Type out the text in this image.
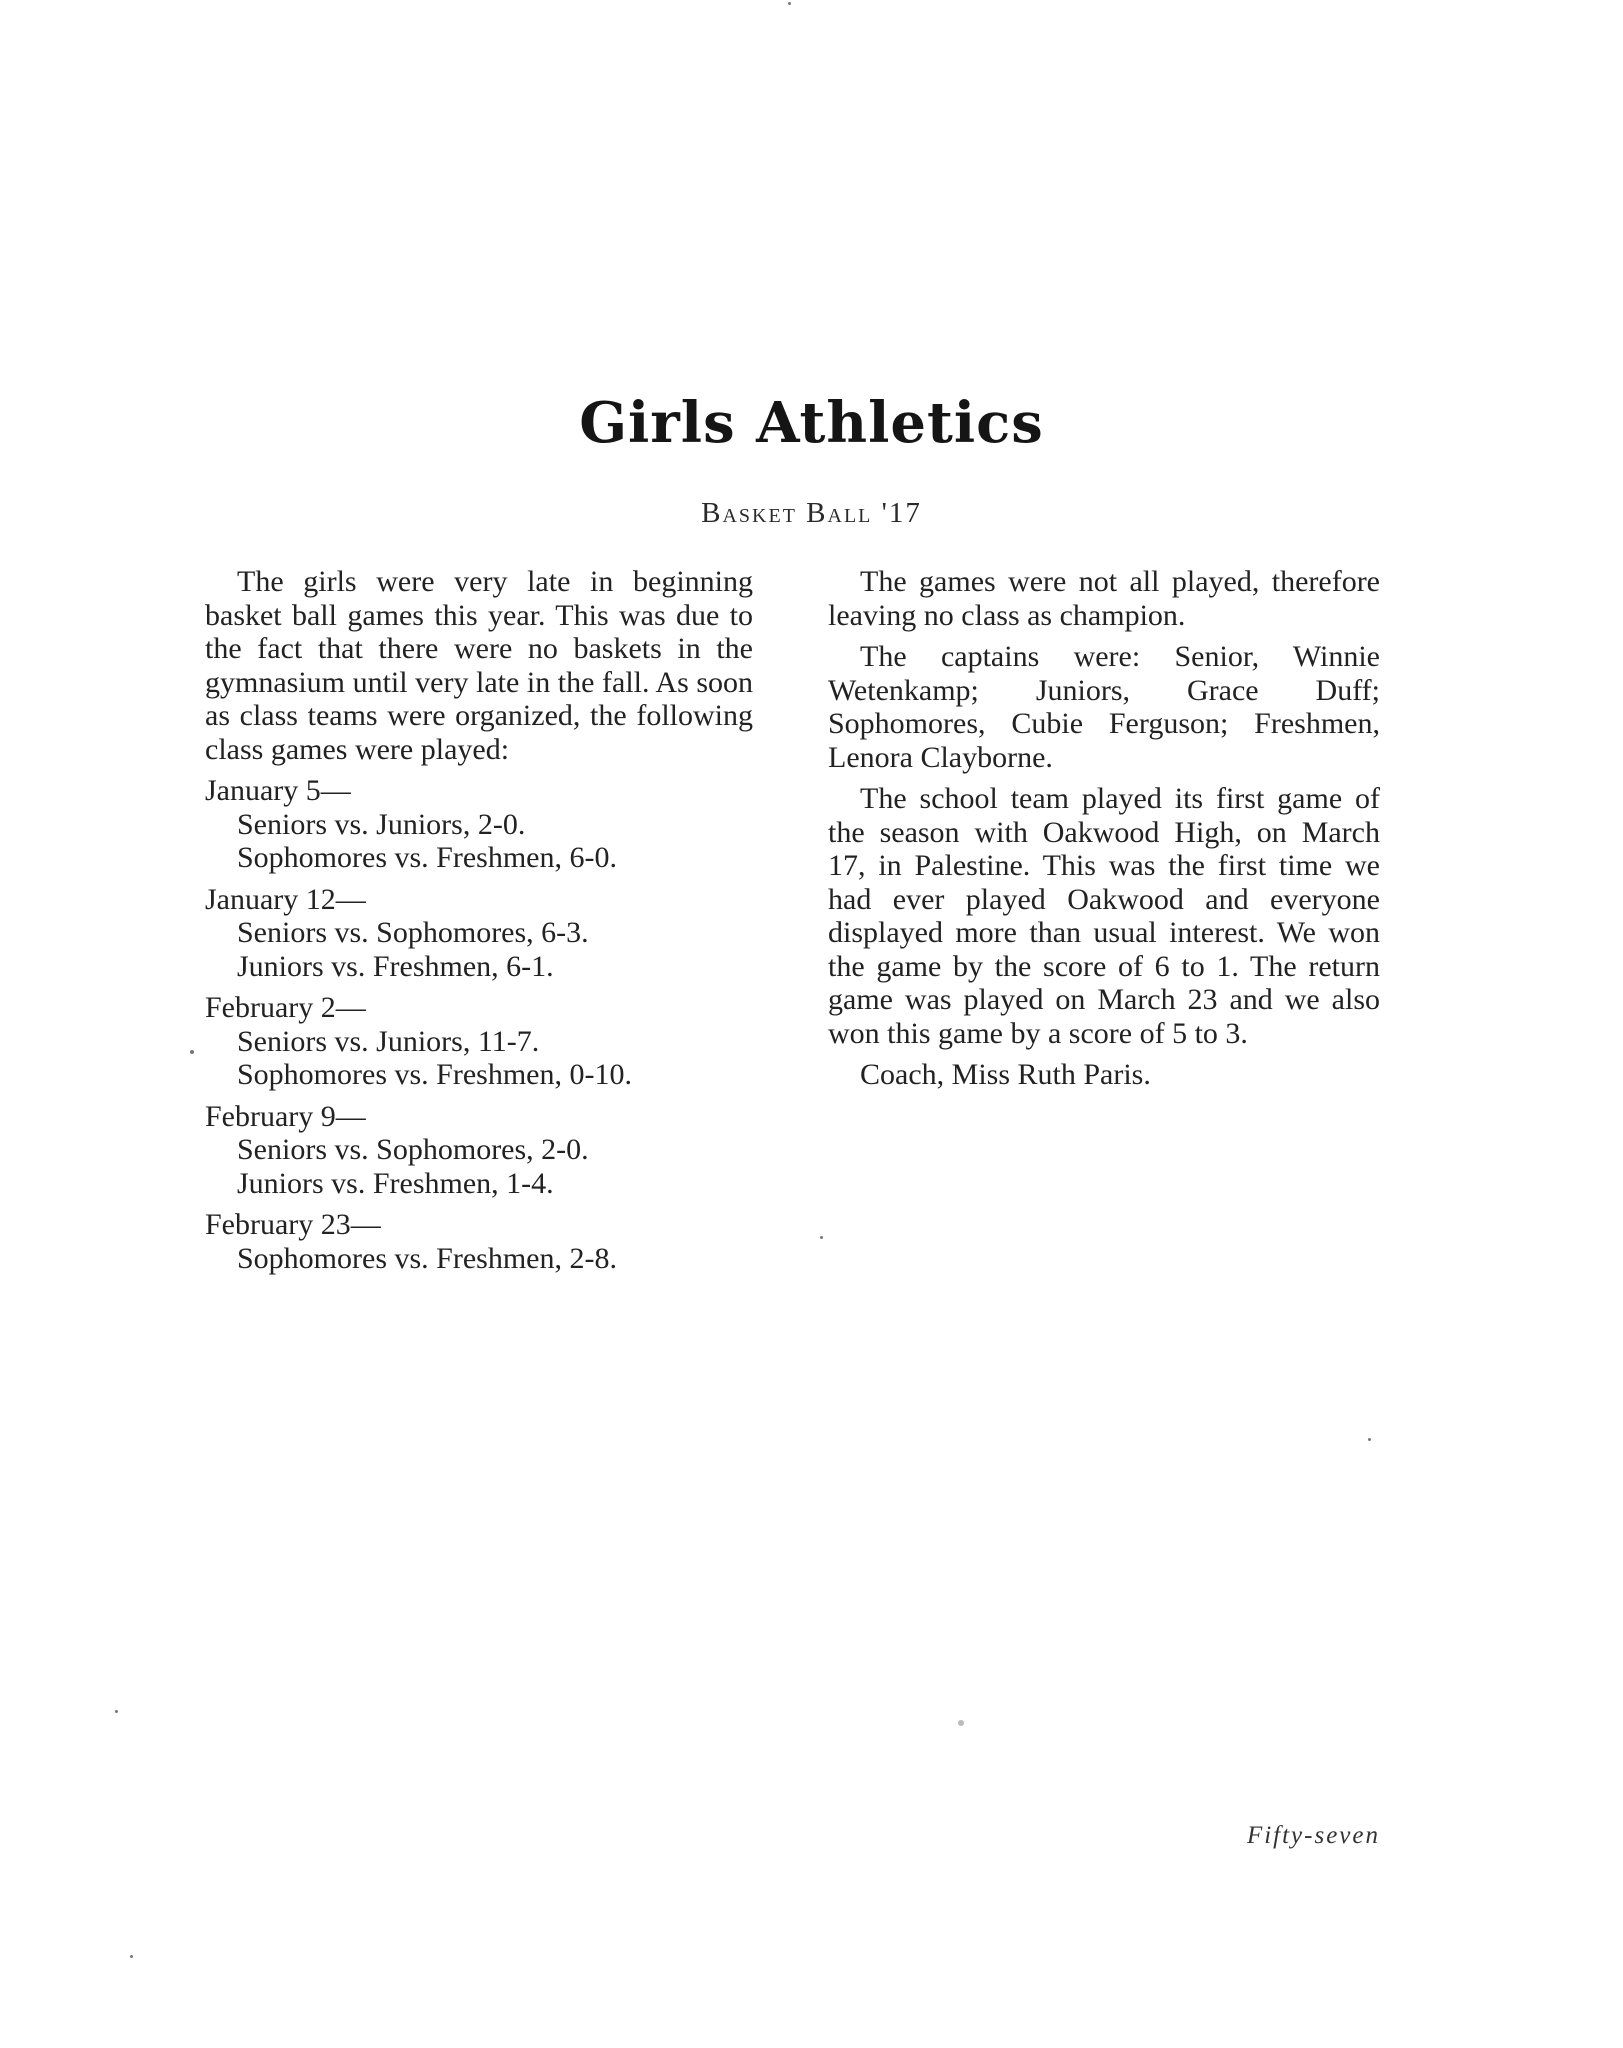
Girls Athletics
Basket Ball '17

The girls were very late in beginning basket ball games this year. This was due to the fact that there were no baskets in the gymnasium until very late in the fall. As soon as class teams were organized, the following class games were played:

January 5—
Seniors vs. Juniors, 2-0.
Sophomores vs. Freshmen, 6-0.
January 12—
Seniors vs. Sophomores, 6-3.
Juniors vs. Freshmen, 6-1.
February 2—
Seniors vs. Juniors, 11-7.
Sophomores vs. Freshmen, 0-10.
February 9—
Seniors vs. Sophomores, 2-0.
Juniors vs. Freshmen, 1-4.
February 23—
Sophomores vs. Freshmen, 2-8.

The games were not all played, therefore leaving no class as champion.

The captains were: Senior, Winnie Wetenkamp; Juniors, Grace Duff; Sophomores, Cubie Ferguson; Freshmen, Lenora Clayborne.

The school team played its first game of the season with Oakwood High, on March 17, in Palestine. This was the first time we had ever played Oakwood and everyone displayed more than usual interest. We won the game by the score of 6 to 1. The return game was played on March 23 and we also won this game by a score of 5 to 3.

Coach, Miss Ruth Paris.

Fifty-seven
